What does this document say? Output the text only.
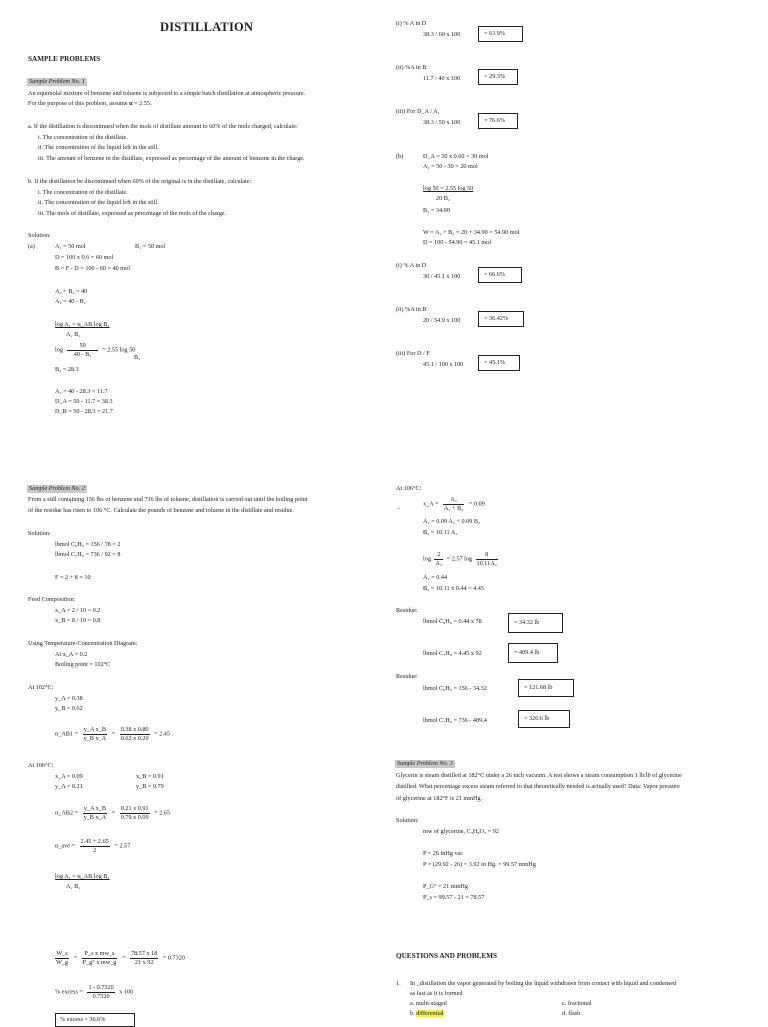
DISTILLATION
SAMPLE PROBLEMS
Sample Problem No. 1
An equimolal mixture of benzene and toluene is subjected to a simple batch distillation at atmospheric pressure.
For the purpose of this problem, assume α = 2.55.
a. If the distillation is discontinued when the mols of distillate amount to 60% of the mols charged, calculate:
i. The concentration of the distillate.
ii. The concentration of the liquid left in the still.
iii. The amount of benzene in the distillate, expressed as percentage of the amount of benzene in the charge.
b. If the distillation be discontinued when 60% of the original is in the distillate, calculate:
i. The concentration of the distillate.
ii. The concentration of the liquid left in the still.
iii. The mols of distillate, expressed as percentage of the mols of the charge.
Solution:
(a)	A₁ = 50 mol	B₁ = 50 mol
D = 100 x 0.6 = 60 mol
B = F - D = 100 - 60 = 40 mol
A₂ + B₂ = 40
A₂ = 40 - B₂
log A₁ = α_AB log B₁
A₂ B₂
$\log \frac{50}{\text{40 - B₂}} = 2.55$ log 50
B₂
B₂ = 28.3
A₂ = 40 - 28.3 = 11.7
D_A = 50 - 11.7 = 38.3
D_B = 50 - 28.3 = 21.7
(i) % A in D
38.3 / 60 x 100	= 63.9%
(ii) %A in B
11.7 / 40 x 100	= 29.3%
(iii) For D_A / A₁
38.3 / 50 x 100	= 76.6%
(b)	D_A = 50 x 0.60 = 30 mol
A₂ = 50 - 30 = 20 mol
log 50 = 2.55 log 50
20 B₂
B₂ = 34.90
W = A₂ + B₂ = 20 + 34.90 = 54.90 mol
D = 100 - 54.90 = 45.1 mol
(i) % A in D
30 / 45.1 x 100	= 66.6%
(ii) %A in B
20 / 54.9 x 100	= 36.42%
(iii) For D / F
45.1 / 100 x 100	= 45.1%
Sample Problem No. 2
From a still containing 156 lbs of benzene and 736 lbs of toluene, distillation is carried out until the boiling point
of the residue has risen to 106 °C. Calculate the pounds of benzene and toluene in the distillate and residue.
Solution:
lbmol C₆H₆ = 156 / 78 = 2
lbmol C₇H₈ = 736 / 92 = 8
F = 2 + 8 = 10
Feed Composition:
x_A = 2 / 10 = 0.2
x_B = 8 / 10 = 0.8
Using Temperature-Concentration Diagram:
At x_A = 0.2
Boiling point = 102°C
At 102°C:
y_A = 0.38
y_B = 0.62
α_AB1 = $\frac{\text{y\_A x\_B}}{\text{y\_B x\_A}} = \frac{0.38 x 0.80}{0.62 x 0.20} = 2.45$
At 106°C:
x_A = 0.09
y_A = 0.21
x_B = 0.91
y_B = 0.79
α_AB2 = $\frac{\text{y\_A x\_B}}{\text{y\_B x\_A}} = \frac{0.21 x 0.91}{0.79 x 0.09} = 2.65$
α_ave = $\frac{2.45 + 2.65}{2} = 2.57$
log A₁ = α_AB log B₁
A₂ B₂
At 106°C:
x_A = $\frac{\text{A₂}}{\text{A₂ + B₂}} = 0.09$
–
A₂ = 0.09 A₂ + 0.09 B₂
B₂ = 10.11 A₂
$\log \frac{2}{\text{A₂}} = 2.57$ $\log \frac{8}{\text{10.11A₂}}$
A₂ = 0.44
B₂ = 10.11 x 0.44 = 4.45
Residue:
lbmol C₆H₆ = 0.44 x 78	= 34.32 lb
lbmol C₇H₈ = 4.45 x 92	= 409.4 lb
Residue:
lbmol C₆H₆ = 156 - 34.32	= 121.68 lb
lbmol C₇H₈ = 736 - 409.4	= 326.6 lb
Sample Problem No. 3
Glycerin is steam distilled at 182°C under a 26 inch vacuum. A test shows a steam consumption 1 lb/lb of glycerine
distilled. What percentage excess steam referred to that theoretically needed is actually used? Data: Vapor pressure
of glycerine at 182°F is 21 mmHg.
Solution:
mw of glycerine, C₃H₈O₃ = 92
P = 26 inHg vac
P = (29.92 - 26) = 3.92 in Hg. = 99.57 mmHg
P_G° = 21 mmHg
P_s = 99.57 - 21 = 78.57
$\frac{W\_s}{W\_g} = \frac{\text{P\_s x mw\_s}}{\text{P\_g° x mw\_g}} = \frac{78.57 x 18}{21 x 92} = 0.7320$
% excess = $\frac{1 - 0.7320}{0.7320}$ x 100
% excess = 36.6%
QUESTIONS AND PROBLEMS
1. In _distillation the vapor generated by boiling the liquid withdrawn from contact with liquid and condensed
as fast as it is formed
a. multi-staged	c. fractional
b. differential	d. flash
